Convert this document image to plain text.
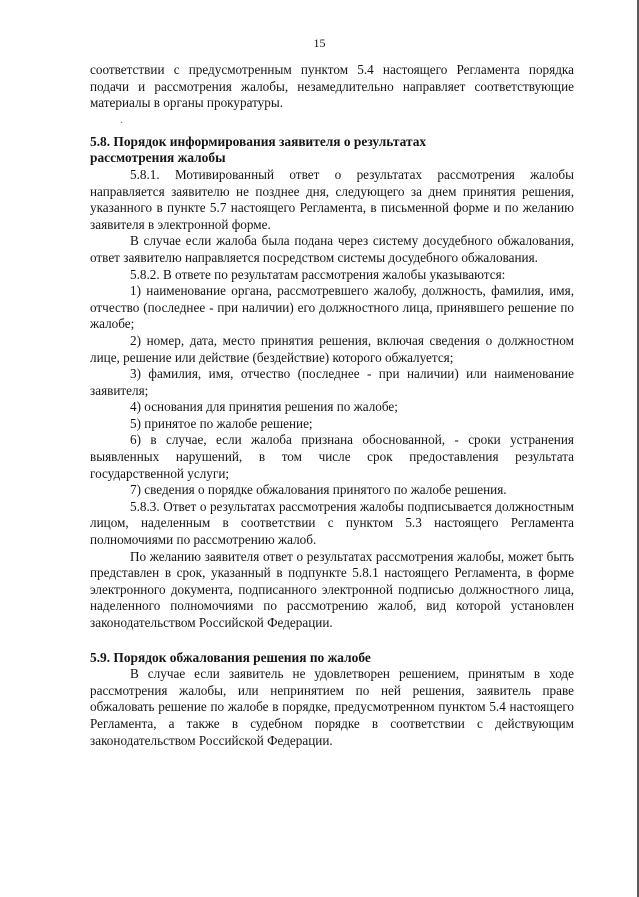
15
·

соответствии с предусмотренным пунктом 5.4 настоящего Регламента порядка подачи и рассмотрения жалобы, незамедлительно направляет соответствующие материалы в органы прокуратуры.

5.8. Порядок информирования заявителя о результатах

рассмотрения жалобы

5.8.1. Мотивированный ответ о результатах рассмотрения жалобы направляется заявителю не позднее дня, следующего за днем принятия решения, указанного в пункте 5.7 настоящего Регламента, в письменной форме и по желанию заявителя в электронной форме.

В случае если жалоба была подана через систему досудебного обжалования, ответ заявителю направляется посредством системы досудебного обжалования.

5.8.2. В ответе по результатам рассмотрения жалобы указываются:

1) наименование органа, рассмотревшего жалобу, должность, фамилия, имя, отчество (последнее - при наличии) его должностного лица, принявшего решение по жалобе;

2) номер, дата, место принятия решения, включая сведения о должностном лице, решение или действие (бездействие) которого обжалуется;

3) фамилия, имя, отчество (последнее - при наличии) или наименование заявителя;

4) основания для принятия решения по жалобе;

5) принятое по жалобе решение;

6) в случае, если жалоба признана обоснованной, - сроки устранения выявленных нарушений, в том числе срок предоставления результата государственной услуги;

7) сведения о порядке обжалования принятого по жалобе решения.

5.8.3. Ответ о результатах рассмотрения жалобы подписывается должностным лицом, наделенным в соответствии с пунктом 5.3 настоящего Регламента полномочиями по рассмотрению жалоб.

По желанию заявителя ответ о результатах рассмотрения жалобы, может быть представлен в срок, указанный в подпункте 5.8.1 настоящего Регламента, в форме электронного документа, подписанного электронной подписью должностного лица, наделенного полномочиями по рассмотрению жалоб, вид которой установлен законодательством Российской Федерации.

5.9. Порядок обжалования решения по жалобе

В случае если заявитель не удовлетворен решением, принятым в ходе рассмотрения жалобы, или непринятием по ней решения, заявитель праве обжаловать решение по жалобе в порядке, предусмотренном пунктом 5.4 настоящего Регламента, а также в судебном порядке в соответствии с действующим законодательством Российской Федерации.
